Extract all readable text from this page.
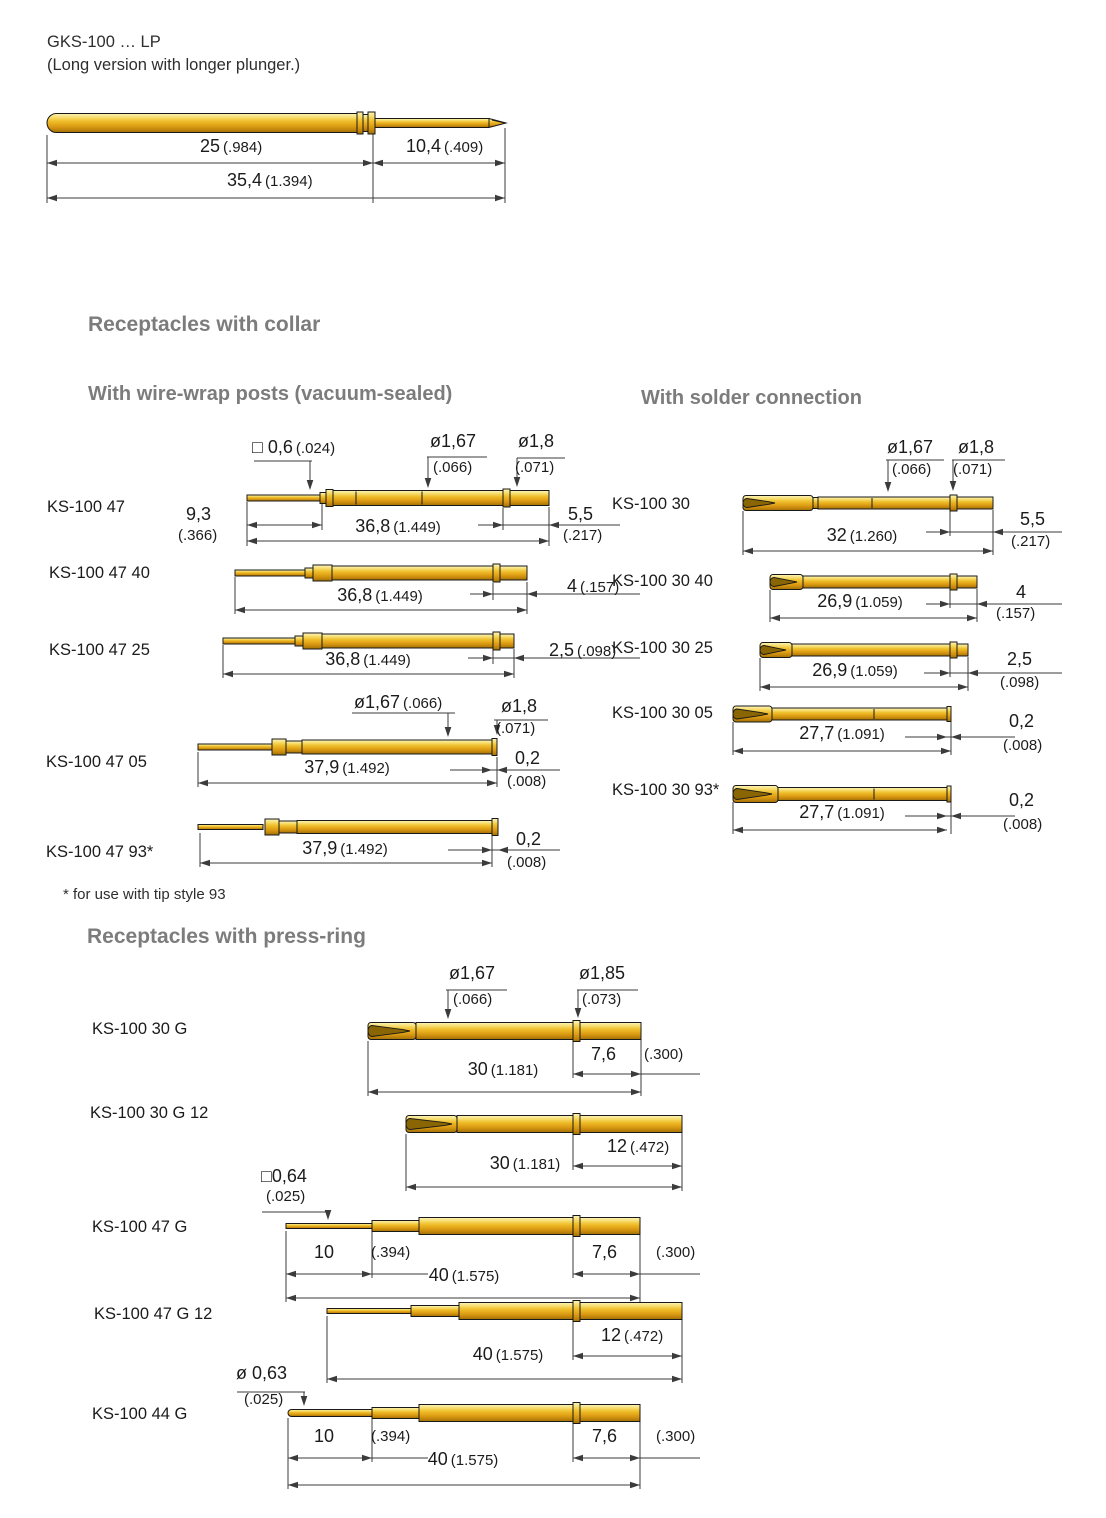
GKS-100 … LP
(Long version with longer plunger.)
25 (.984)	10,4 (.409)
35,4 (1.394)
Receptacles with collar
With wire-wrap posts (vacuum-sealed)	With solder connection
* for use with tip style 93
Receptacles with press-ring
KS-100 47
KS-100 47 40
KS-100 47 25
KS-100 47 05
KS-100 47 93*
KS-100 30
KS-100 30 40
KS-100 30 25
KS-100 30 05
KS-100 30 93*
KS-100 30 G
KS-100 30 G 12
KS-100 47 G
KS-100 47 G 12
KS-100 44 G
□ 0,6 (.024)	ø1,67
(.066)
ø1,8
(.071)
9,3
(.366)	36,8 (1.449)
5,5
(.217)
36,8 (1.449)
4 (.157)
36,8 (1.449)
2,5 (.098)
ø1,67 (.066)	ø1,8
(.071)
37,9 (1.492)
0,2
(.008)
37,9 (1.492)
0,2
(.008)
ø1,67
(.066)
ø1,8
(.071)
32 (1.260)
5,5
(.217)
26,9 (1.059)
4
(.157)
26,9 (1.059)
2,5
(.098)
27,7 (1.091)
0,2
(.008)
27,7 (1.091)
0,2
(.008)
ø1,67
(.066)
ø1,85
(.073)
7,6 (.300)
30 (1.181)
12 (.472)
30 (1.181)
□0,64
(.025)
10 (.394)	7,6	(.300)
40 (1.575)
12 (.472)
40 (1.575)
ø 0,63
(.025)
10 (.394)	7,6	(.300)
40 (1.575)
